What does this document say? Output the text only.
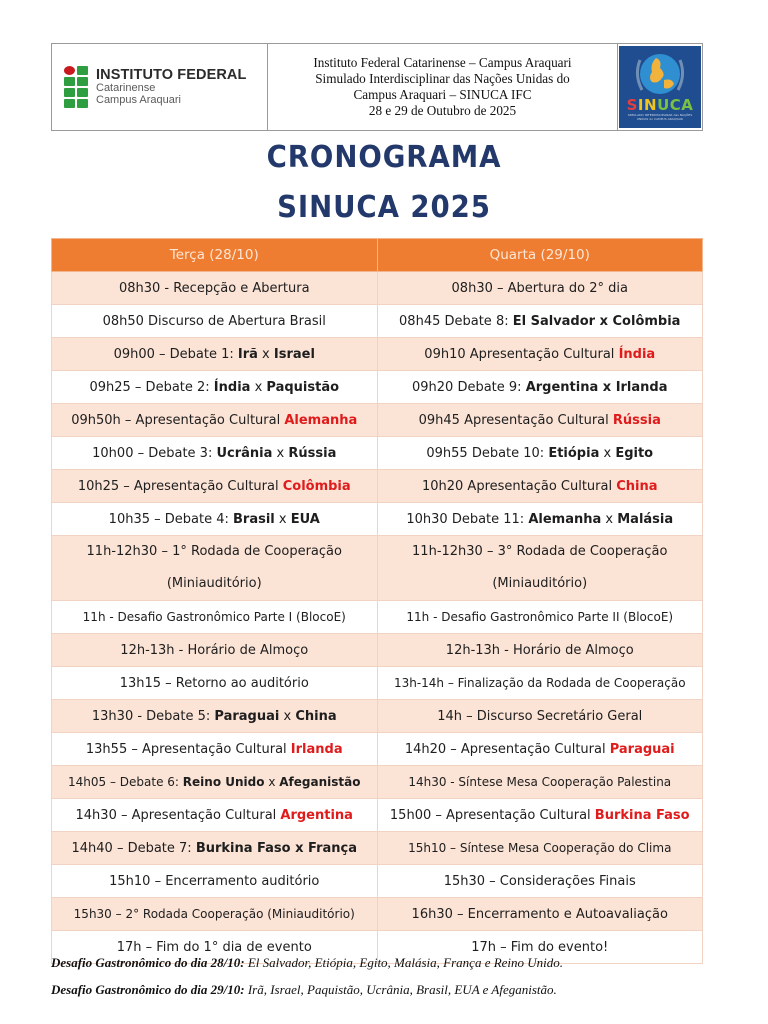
INSTITUTO FEDERAL
Catarinense
Campus Araquari
Instituto Federal Catarinense – Campus Araquari
Simulado Interdisciplinar das Nações Unidas do
Campus Araquari – SINUCA IFC
28 e 29 de Outubro de 2025	SINUCA
SIMULADO INTERDISCIPLINAR das NAÇÕES UNIDAS do CAMPUS ARAQUARI
CRONOGRAMA
SINUCA 2025
Terça (28/10)	Quarta (29/10)
08h30 - Recepção e Abertura	08h30 – Abertura do 2° dia
08h50 Discurso de Abertura Brasil	08h45 Debate 8: El Salvador x Colômbia
09h00 – Debate 1: Irã x Israel	09h10 Apresentação Cultural Índia
09h25 – Debate 2: Índia x Paquistão	09h20 Debate 9: Argentina x Irlanda
09h50h – Apresentação Cultural Alemanha	09h45 Apresentação Cultural Rússia
10h00 – Debate 3: Ucrânia x Rússia	09h55 Debate 10: Etiópia x Egito
10h25 – Apresentação Cultural Colômbia	10h20 Apresentação Cultural China
10h35 – Debate 4: Brasil x EUA	10h30 Debate 11: Alemanha x Malásia
11h-12h30 – 1° Rodada de Cooperação (Miniauditório)	11h-12h30 – 3° Rodada de Cooperação (Miniauditório)
11h - Desafio Gastronômico Parte I (BlocoE)	11h - Desafio Gastronômico Parte II (BlocoE)
12h-13h - Horário de Almoço	12h-13h - Horário de Almoço
13h15 – Retorno ao auditório	13h-14h – Finalização da Rodada de Cooperação
13h30 - Debate 5: Paraguai x China	14h – Discurso Secretário Geral
13h55 – Apresentação Cultural Irlanda	14h20 – Apresentação Cultural Paraguai
14h05 – Debate 6: Reino Unido x Afeganistão	14h30 - Síntese Mesa Cooperação Palestina
14h30 – Apresentação Cultural Argentina	15h00 – Apresentação Cultural Burkina Faso
14h40 – Debate 7: Burkina Faso x França	15h10 – Síntese Mesa Cooperação do Clima
15h10 – Encerramento auditório	15h30 – Considerações Finais
15h30 – 2° Rodada Cooperação (Miniauditório)	16h30 – Encerramento e Autoavaliação
17h – Fim do 1° dia de evento	17h – Fim do evento!

Desafio Gastronômico do dia 28/10: El Salvador, Etiópia, Egito, Malásia, França e Reino Unido.

Desafio Gastronômico do dia 29/10: Irã, Israel, Paquistão, Ucrânia, Brasil, EUA e Afeganistão.
